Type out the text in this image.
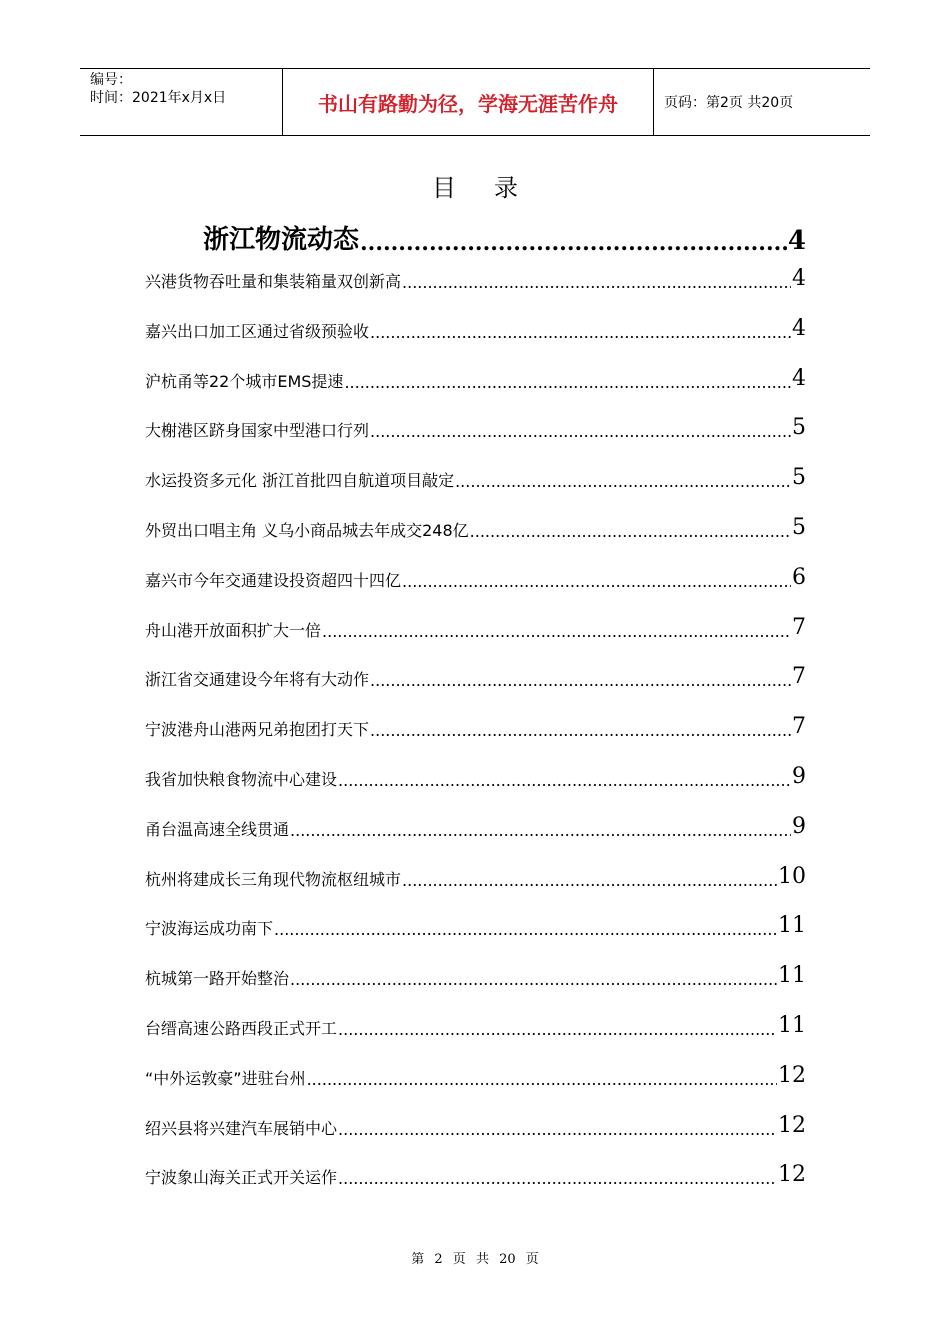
编号：
时间：2021年x月x日	书山有路勤为径，学海无涯苦作舟	页码：第2页 共20页
目录
浙江物流动态 .....	4
兴港货物吞吐量和集装箱量双创新高 .....	4
嘉兴出口加工区通过省级预验收 .....	4
沪杭甬等22个城市EMS提速 .....	4
大榭港区跻身国家中型港口行列 .....	5
水运投资多元化 浙江首批四自航道项目敲定 .....	5
外贸出口唱主角 义乌小商品城去年成交248亿 .....	5
嘉兴市今年交通建设投资超四十四亿 .....	6
舟山港开放面积扩大一倍 .....	7
浙江省交通建设今年将有大动作 .....	7
宁波港舟山港两兄弟抱团打天下 .....	7
我省加快粮食物流中心建设 .....	9
甬台温高速全线贯通 .....	9
杭州将建成长三角现代物流枢纽城市 .....	10
宁波海运成功南下 .....	11
杭城第一路开始整治 .....	11
台缙高速公路西段正式开工 .....	11
“中外运敦豪”进驻台州 .....	12
绍兴县将兴建汽车展销中心 .....	12
宁波象山海关正式开关运作 .....	12
第 2 页 共 20 页
